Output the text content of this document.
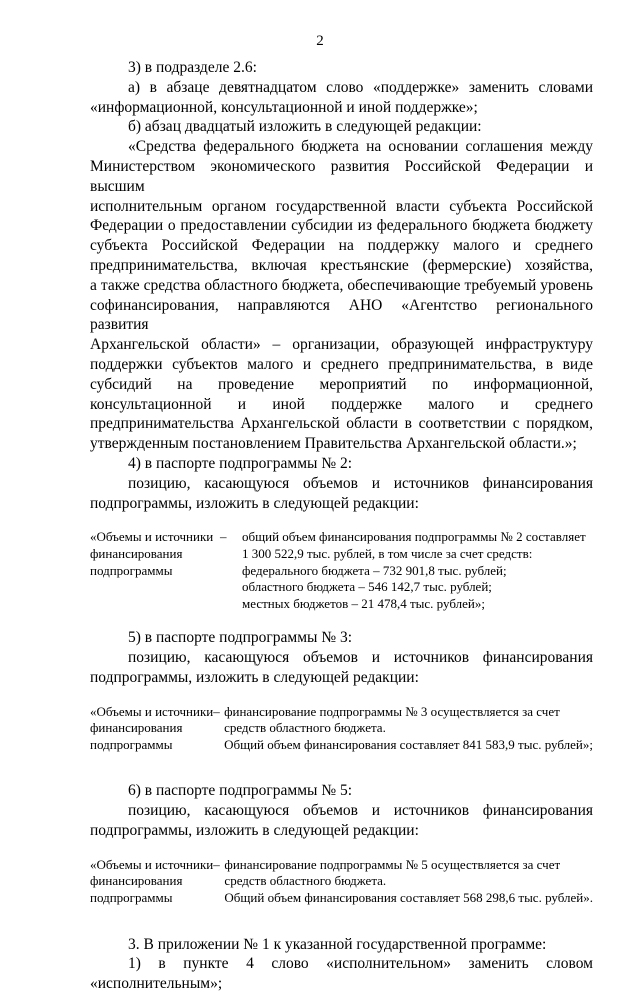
2

3) в подразделе 2.6:

а) в абзаце девятнадцатом слово «поддержке» заменить словами «информационной, консультационной и иной поддержке»;

б) абзац двадцатый изложить в следующей редакции:

«Средства федерального бюджета на основании соглашения между

Министерством экономического развития Российской Федерации и высшим

исполнительным органом государственной власти субъекта Российской

Федерации о предоставлении субсидии из федерального бюджета бюджету

субъекта Российской Федерации на поддержку малого и среднего

предпринимательства, включая крестьянские (фермерские) хозяйства,

а также средства областного бюджета, обеспечивающие требуемый уровень

софинансирования, направляются АНО «Агентство регионального развития

Архангельской области» – организации, образующей инфраструктуру

поддержки субъектов малого и среднего предпринимательства, в виде

субсидий на проведение мероприятий по информационной,

консультационной и иной поддержке малого и среднего

предпринимательства Архангельской области в соответствии с порядком,

утвержденным постановлением Правительства Архангельской области.»;

4) в паспорте подпрограммы № 2:

позицию, касающуюся объемов и источников финансирования

подпрограммы, изложить в следующей редакции:

«Объемы и источники
финансирования
подпрограммы
–	общий объем финансирования подпрограммы № 2 составляет
1 300 522,9 тыс. рублей, в том числе за счет средств:
федерального бюджета – 732 901,8 тыс. рублей;
областного бюджета – 546 142,7 тыс. рублей;
местных бюджетов – 21 478,4 тыс. рублей»;

5) в паспорте подпрограммы № 3:

позицию, касающуюся объемов и источников финансирования

подпрограммы, изложить в следующей редакции:

«Объемы и источники
финансирования
подпрограммы
– финансирование подпрограммы № 3 осуществляется за счет
средств областного бюджета.
Общий объем финансирования составляет 841 583,9 тыс. рублей»;

6) в паспорте подпрограммы № 5:

позицию, касающуюся объемов и источников финансирования

подпрограммы, изложить в следующей редакции:

«Объемы и источники
финансирования
подпрограммы
– финансирование подпрограммы № 5 осуществляется за счет
средств областного бюджета.
Общий объем финансирования составляет 568 298,6 тыс. рублей».

3. В приложении № 1 к указанной государственной программе:

1) в пункте 4 слово «исполнительном» заменить словом

«исполнительным»;
